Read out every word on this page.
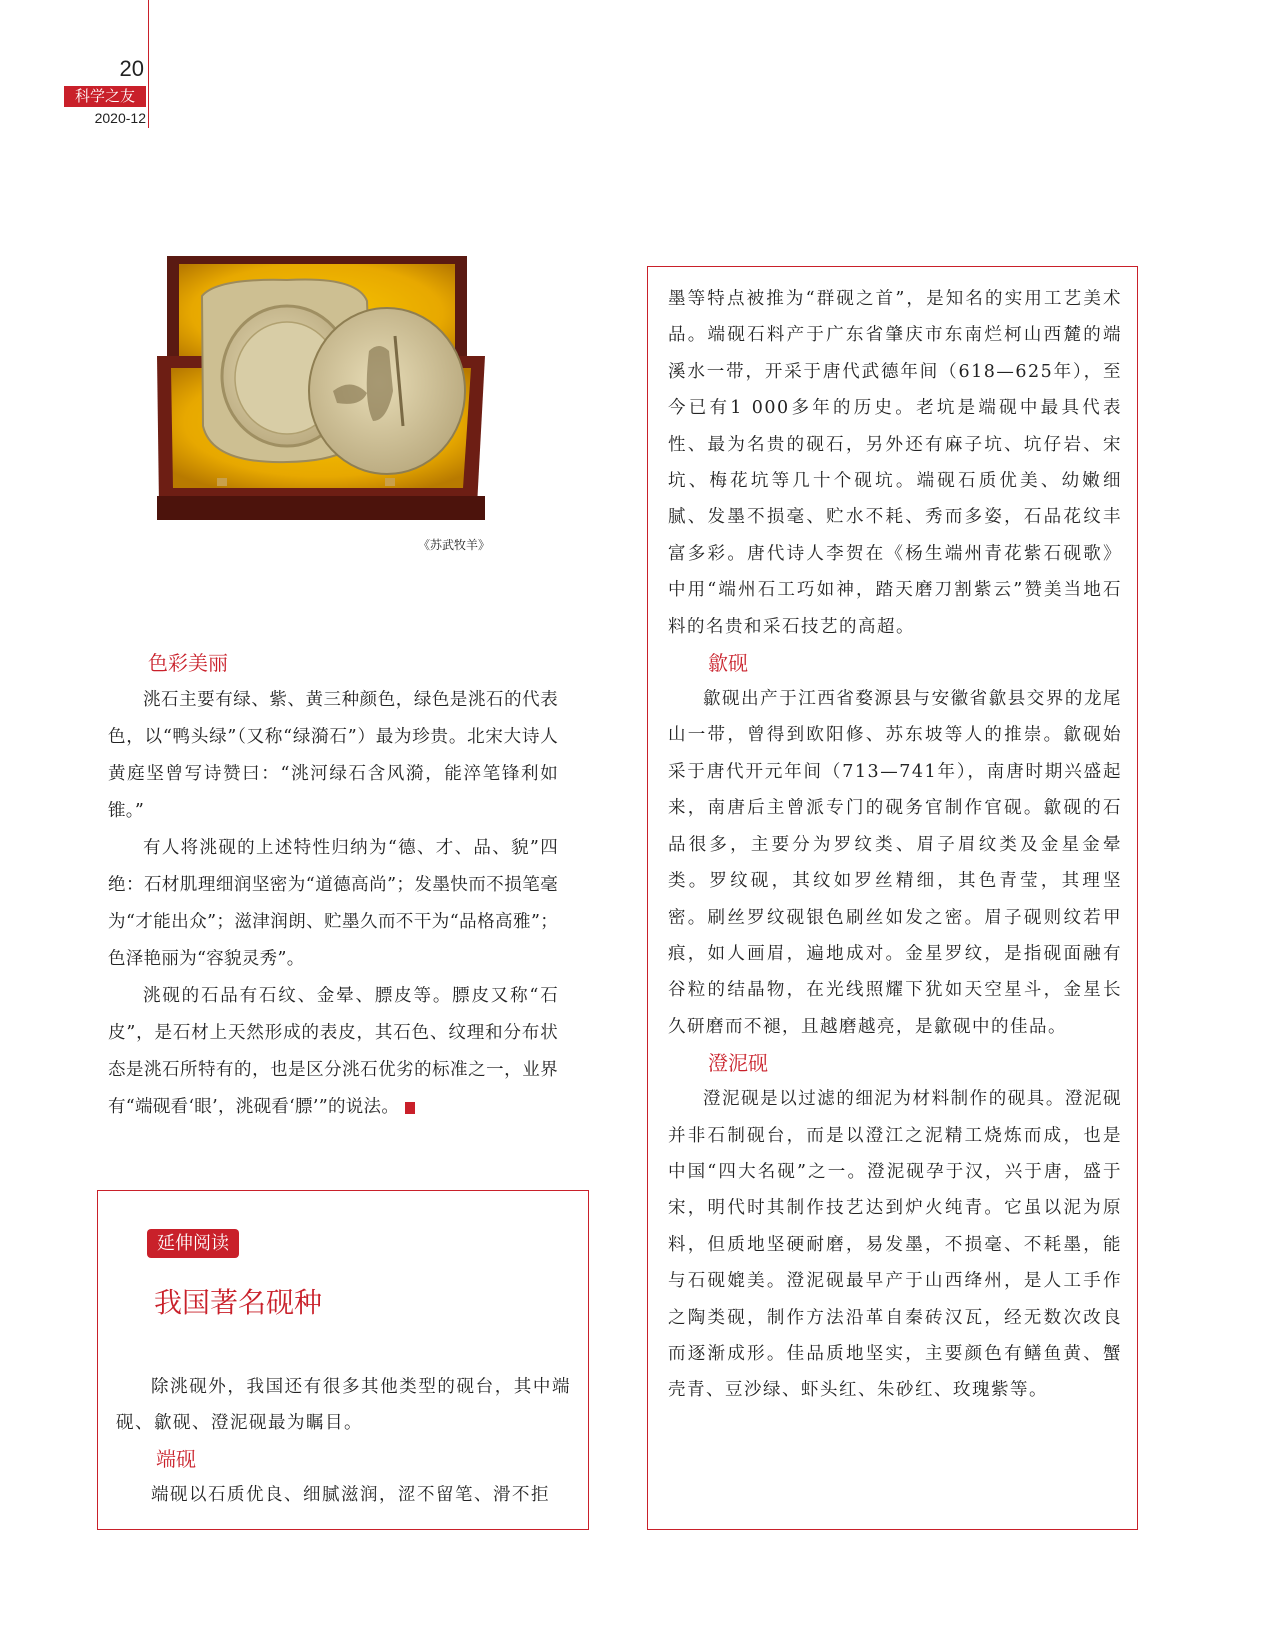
20
科学之友
2020-12
《苏武牧羊》
色彩美丽

洮石主要有绿、紫、黄三种颜色，绿色是洮石的代表色，以“鸭头绿”（又称“绿漪石”）最为珍贵。北宋大诗人黄庭坚曾写诗赞曰：“洮河绿石含风漪，能淬笔锋利如锥。”

有人将洮砚的上述特性归纳为“德、才、品、貌”四绝：石材肌理细润坚密为“道德高尚”；发墨快而不损笔毫为“才能出众”；滋津润朗、贮墨久而不干为“品格高雅”；色泽艳丽为“容貌灵秀”。

洮砚的石品有石纹、金晕、膘皮等。膘皮又称“石皮”，是石材上天然形成的表皮，其石色、纹理和分布状态是洮石所特有的，也是区分洮石优劣的标准之一，业界有“端砚看‘眼’，洮砚看‘膘’”的说法。

延伸阅读
我国著名砚种

除洮砚外，我国还有很多其他类型的砚台，其中端砚、歙砚、澄泥砚最为瞩目。

端砚

端砚以石质优良、细腻滋润，涩不留笔、滑不拒

墨等特点被推为“群砚之首”，是知名的实用工艺美术品。端砚石料产于广东省肇庆市东南烂柯山西麓的端溪水一带，开采于唐代武德年间（618—625年），至今已有1 000多年的历史。老坑是端砚中最具代表性、最为名贵的砚石，另外还有麻子坑、坑仔岩、宋坑、梅花坑等几十个砚坑。端砚石质优美、幼嫩细腻、发墨不损毫、贮水不耗、秀而多姿，石品花纹丰富多彩。唐代诗人李贺在《杨生端州青花紫石砚歌》中用“端州石工巧如神，踏天磨刀割紫云”赞美当地石料的名贵和采石技艺的高超。

歙砚

歙砚出产于江西省婺源县与安徽省歙县交界的龙尾山一带，曾得到欧阳修、苏东坡等人的推崇。歙砚始采于唐代开元年间（713—741年），南唐时期兴盛起来，南唐后主曾派专门的砚务官制作官砚。歙砚的石品很多，主要分为罗纹类、眉子眉纹类及金星金晕类。罗纹砚，其纹如罗丝精细，其色青莹，其理坚密。刷丝罗纹砚银色刷丝如发之密。眉子砚则纹若甲痕，如人画眉，遍地成对。金星罗纹，是指砚面融有谷粒的结晶物，在光线照耀下犹如天空星斗，金星长久研磨而不褪，且越磨越亮，是歙砚中的佳品。

澄泥砚

澄泥砚是以过滤的细泥为材料制作的砚具。澄泥砚并非石制砚台，而是以澄江之泥精工烧炼而成，也是中国“四大名砚”之一。澄泥砚孕于汉，兴于唐，盛于宋，明代时其制作技艺达到炉火纯青。它虽以泥为原料，但质地坚硬耐磨，易发墨，不损毫、不耗墨，能与石砚媲美。澄泥砚最早产于山西绛州，是人工手作之陶类砚，制作方法沿革自秦砖汉瓦，经无数次改良而逐渐成形。佳品质地坚实，主要颜色有鳝鱼黄、蟹壳青、豆沙绿、虾头红、朱砂红、玫瑰紫等。
